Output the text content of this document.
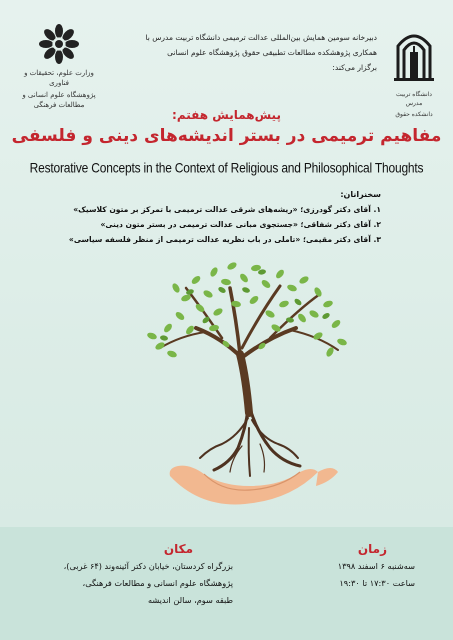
وزارت علوم، تحقیقات و فناوری
پژوهشگاه علوم انسانی و مطالعات فرهنگی
دانشگاه تربیت مدرس
دانشکده حقوق
دبیرخانه سومین همایش بین‌المللی عدالت ترمیمی دانشگاه تربیت مدرس با
همکاری پژوهشکده مطالعات تطبیقی حقوق پژوهشگاه علوم انسانی
برگزار می‌کند:
پیش‌همایش هفتم:
مفاهیم ترمیمی در بستر اندیشه‌های دینی و فلسفی
Restorative Concepts in the Context of Religious and Philosophical Thoughts
سخنرانان:
۱. آقای دکتر گودرزی؛ «ریشه‌های شرقی عدالت ترمیمی با تمرکز بر متون کلاسیک»
۲. آقای دکتر شفاقی؛ «جستجوی مبانی عدالت ترمیمی در بستر متون دینی»
۳. آقای دکتر مقیمی؛ «تاملی در باب نظریه عدالت ترمیمی از منظر فلسفه سیاسی»
زمان
سه‌شنبه ۶ اسفند ۱۳۹۸
ساعت ۱۷:۳۰ تا ۱۹:۳۰
مکان
بزرگراه کردستان، خیابان دکتر آئینه‌وند (۶۴ غربی)،
پژوهشگاه علوم انسانی و مطالعات فرهنگی،
طبقه سوم، سالن اندیشه
